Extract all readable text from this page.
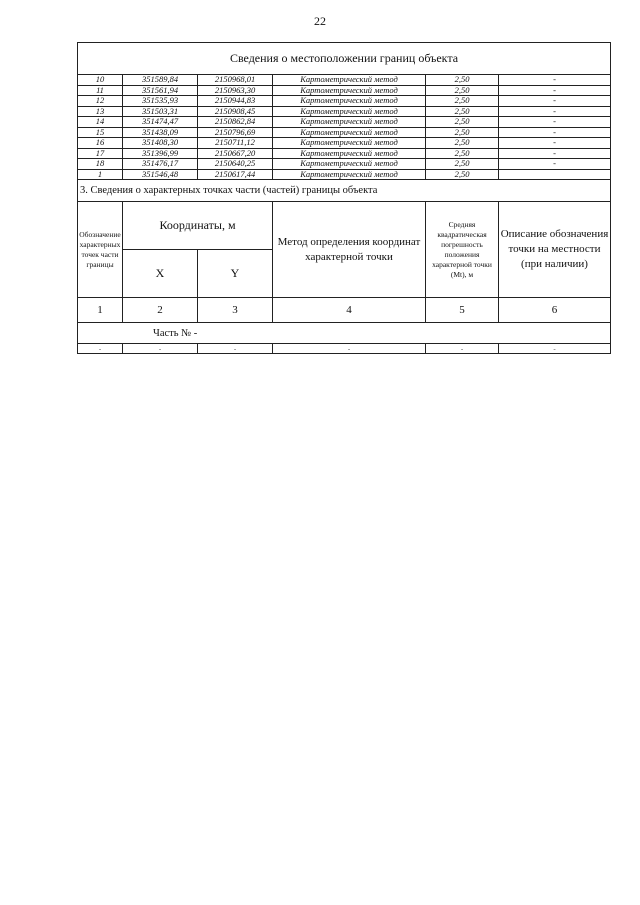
22
Сведения о местоположении границ объекта					
10	351589,84	2150968,01	Картометрический метод	2,50	-
11	351561,94	2150963,30	Картометрический метод	2,50	-
12	351535,93	2150944,83	Картометрический метод	2,50	-
13	351503,31	2150908,45	Картометрический метод	2,50	-
14	351474,47	2150862,84	Картометрический метод	2,50	-
15	351438,09	2150796,69	Картометрический метод	2,50	-
16	351408,30	2150711,12	Картометрический метод	2,50	-
17	351396,99	2150667,20	Картометрический метод	2,50	-
18	351476,17	2150640,25	Картометрический метод	2,50	-
1	351546,48	2150617,44	Картометрический метод	2,50	
3. Сведения о характерных точках части (частей) границы объекта					
Обозначение характерных точек части границы	Координаты, м		Метод определения координат характерной точки	Средняя квадратическая погрешность положения характерной точки (Mt), м	Описание обозначения точки на местности (при наличии)
	X	Y			
1	2	3	4	5	6
Часть № -					
-	-	-	-	-	-
